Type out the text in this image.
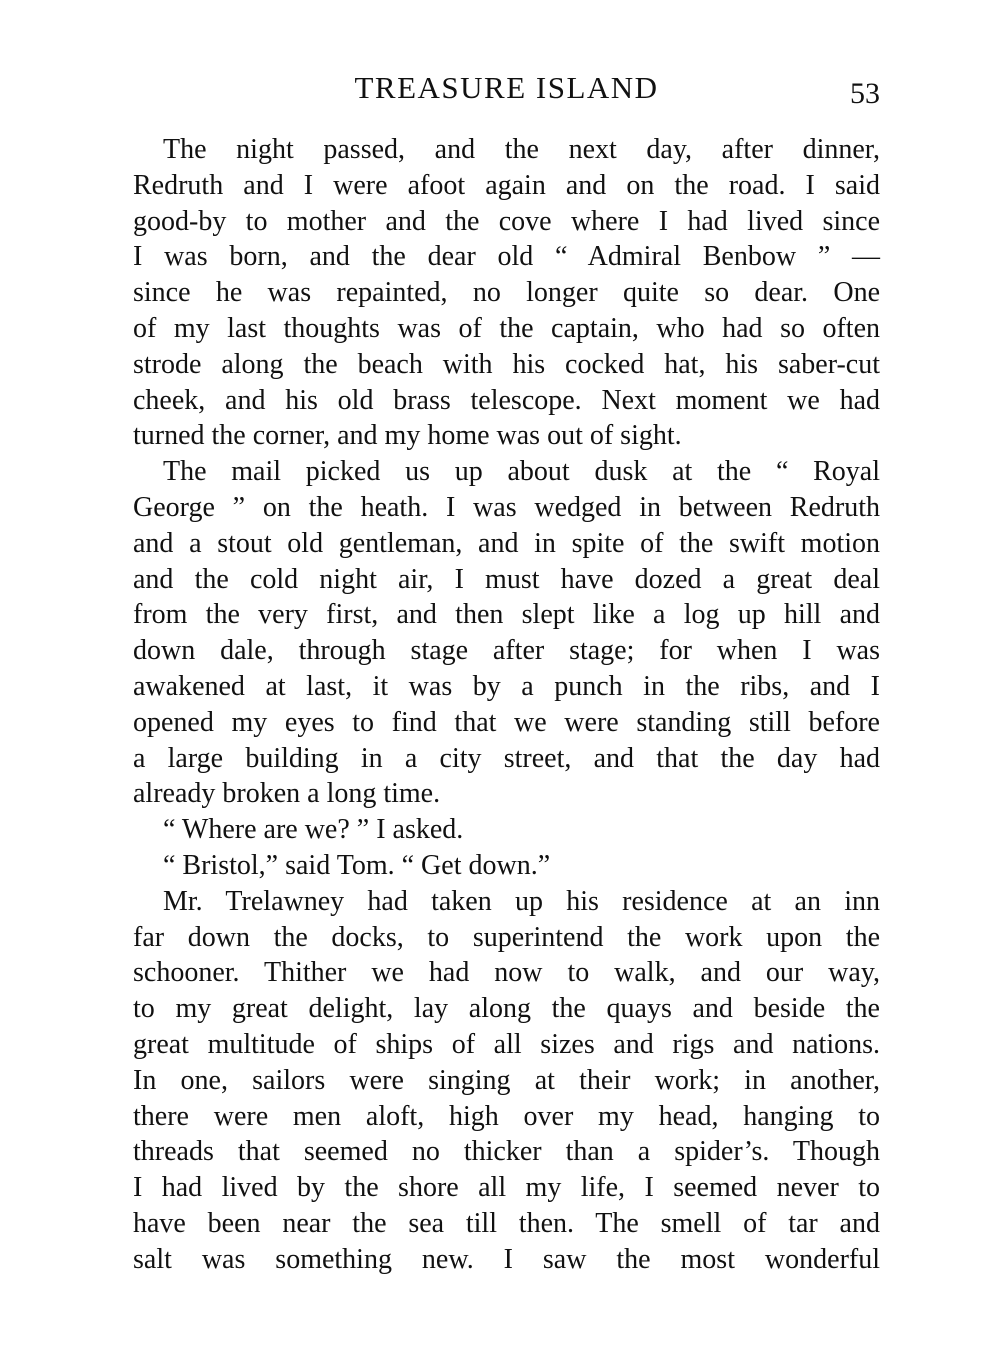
TREASURE ISLAND	53
The night passed, and the next day, after dinner,
Redruth and I were afoot again and on the road. I said
good-by to mother and the cove where I had lived since
I was born, and the dear old “ Admiral Benbow ” —
since he was repainted, no longer quite so dear. One
of my last thoughts was of the captain, who had so often
strode along the beach with his cocked hat, his saber-cut
cheek, and his old brass telescope. Next moment we had
turned the corner, and my home was out of sight.
The mail picked us up about dusk at the “ Royal
George ” on the heath. I was wedged in between Redruth
and a stout old gentleman, and in spite of the swift motion
and the cold night air, I must have dozed a great deal
from the very first, and then slept like a log up hill and
down dale, through stage after stage; for when I was
awakened at last, it was by a punch in the ribs, and I
opened my eyes to find that we were standing still before
a large building in a city street, and that the day had
already broken a long time.
“ Where are we? ” I asked.
“ Bristol,” said Tom. “ Get down.”
Mr. Trelawney had taken up his residence at an inn
far down the docks, to superintend the work upon the
schooner. Thither we had now to walk, and our way,
to my great delight, lay along the quays and beside the
great multitude of ships of all sizes and rigs and nations.
In one, sailors were singing at their work; in another,
there were men aloft, high over my head, hanging to
threads that seemed no thicker than a spider’s. Though
I had lived by the shore all my life, I seemed never to
have been near the sea till then. The smell of tar and
salt was something new. I saw the most wonderful
